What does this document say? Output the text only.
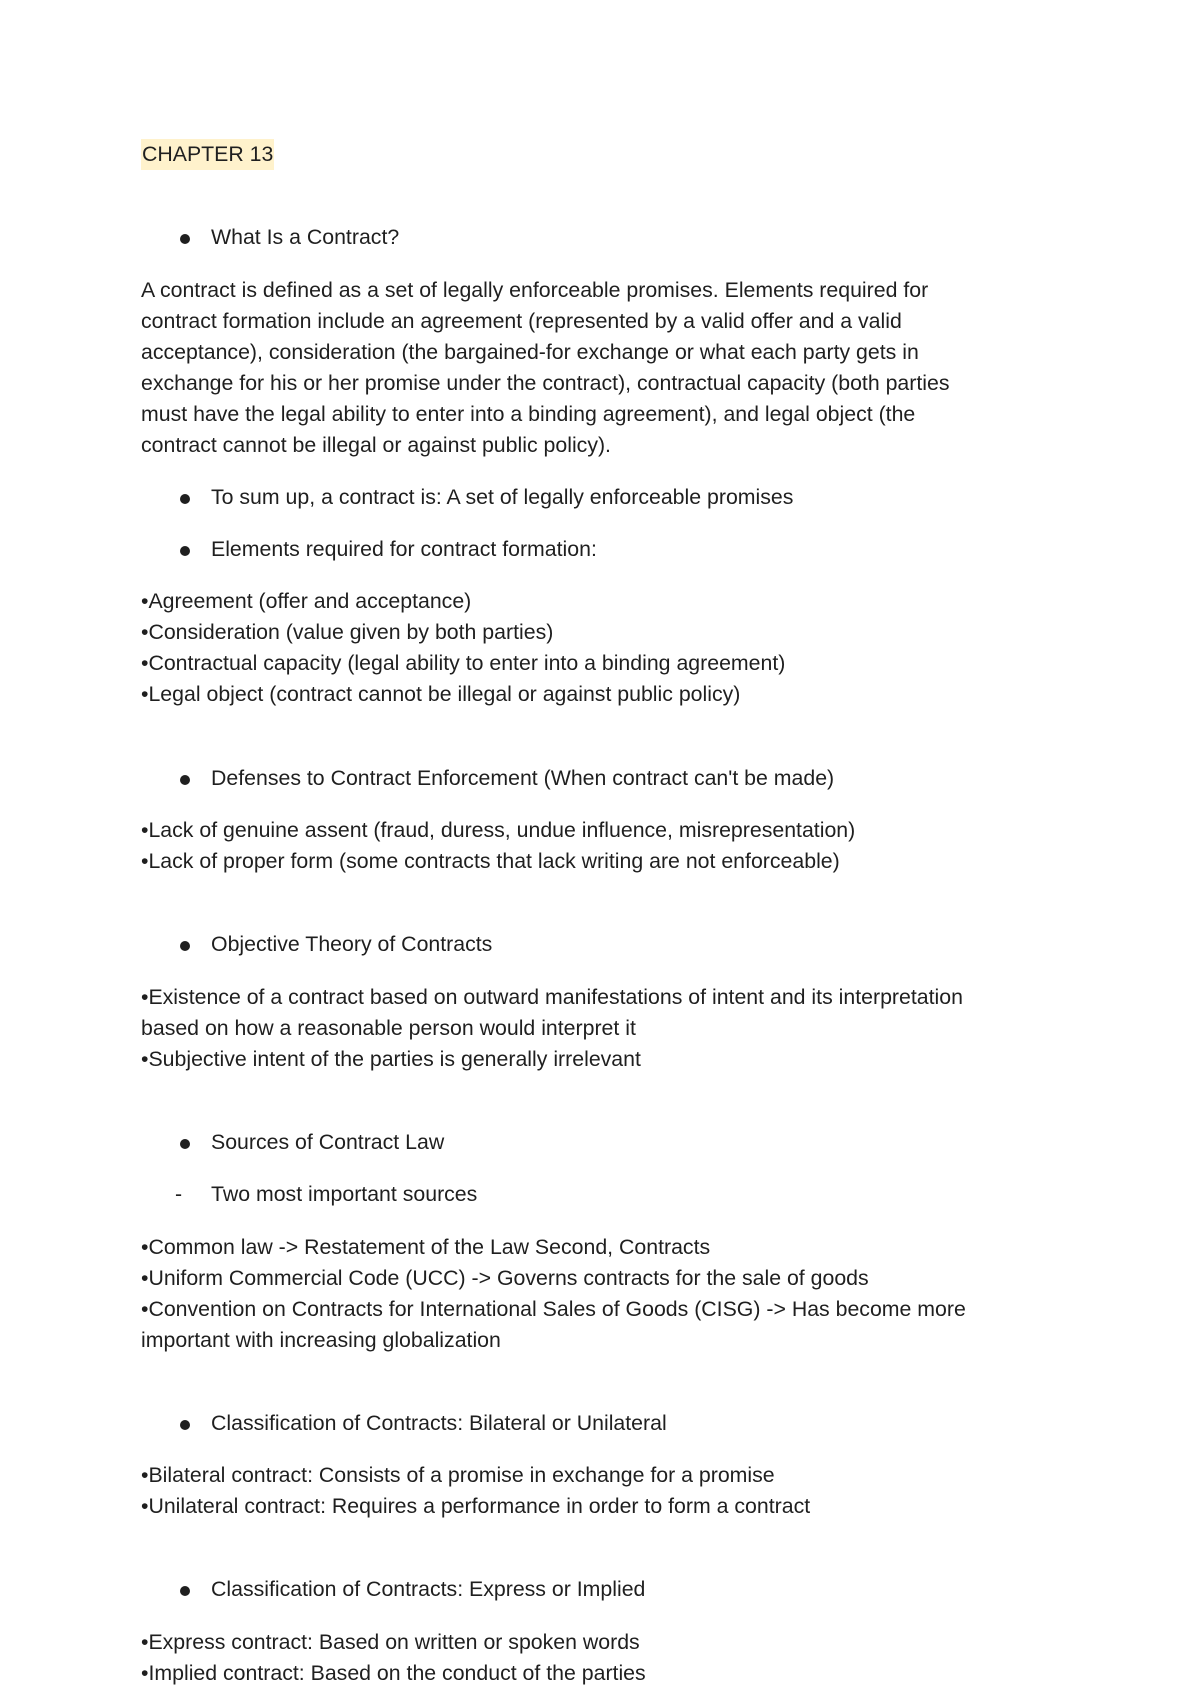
CHAPTER 13

What Is a Contract?

A contract is defined as a set of legally enforceable promises. Elements required for

contract formation include an agreement (represented by a valid offer and a valid

acceptance), consideration (the bargained-for exchange or what each party gets in

exchange for his or her promise under the contract), contractual capacity (both parties

must have the legal ability to enter into a binding agreement), and legal object (the

contract cannot be illegal or against public policy).

To sum up, a contract is: A set of legally enforceable promises

Elements required for contract formation:

•Agreement (offer and acceptance)

•Consideration (value given by both parties)

•Contractual capacity (legal ability to enter into a binding agreement)

•Legal object (contract cannot be illegal or against public policy)

Defenses to Contract Enforcement (When contract can't be made)

•Lack of genuine assent (fraud, duress, undue influence, misrepresentation)

•Lack of proper form (some contracts that lack writing are not enforceable)

Objective Theory of Contracts

•Existence of a contract based on outward manifestations of intent and its interpretation

based on how a reasonable person would interpret it

•Subjective intent of the parties is generally irrelevant

Sources of Contract Law

- Two most important sources

•Common law -> Restatement of the Law Second, Contracts

•Uniform Commercial Code (UCC) -> Governs contracts for the sale of goods

•Convention on Contracts for International Sales of Goods (CISG) -> Has become more

important with increasing globalization

Classification of Contracts: Bilateral or Unilateral

•Bilateral contract: Consists of a promise in exchange for a promise

•Unilateral contract: Requires a performance in order to form a contract

Classification of Contracts: Express or Implied

•Express contract: Based on written or spoken words

•Implied contract: Based on the conduct of the parties
